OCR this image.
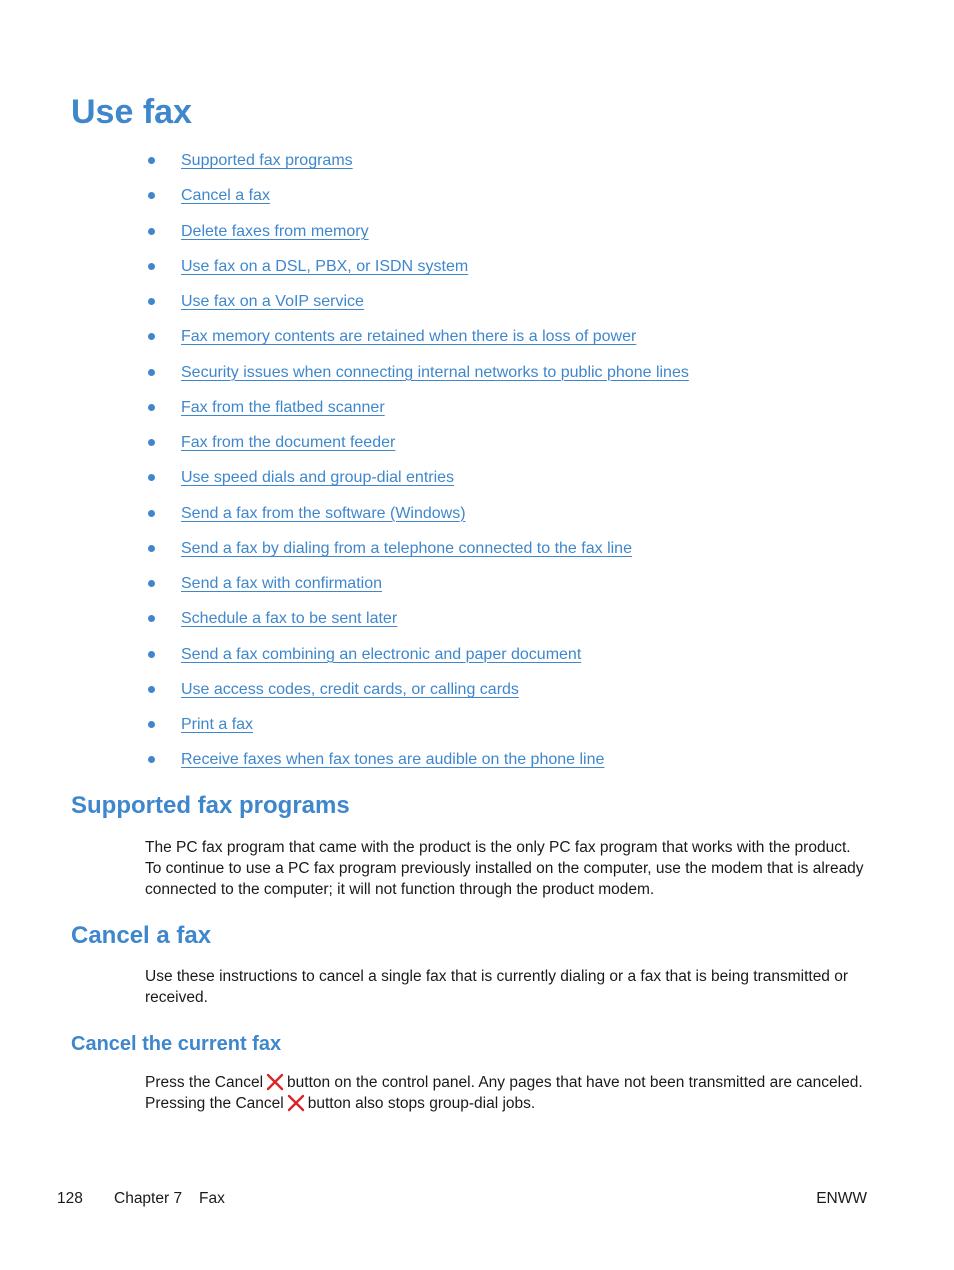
Use fax
Supported fax programs
Cancel a fax
Delete faxes from memory
Use fax on a DSL, PBX, or ISDN system
Use fax on a VoIP service
Fax memory contents are retained when there is a loss of power
Security issues when connecting internal networks to public phone lines
Fax from the flatbed scanner
Fax from the document feeder
Use speed dials and group-dial entries
Send a fax from the software (Windows)
Send a fax by dialing from a telephone connected to the fax line
Send a fax with confirmation
Schedule a fax to be sent later
Send a fax combining an electronic and paper document
Use access codes, credit cards, or calling cards
Print a fax
Receive faxes when fax tones are audible on the phone line
Supported fax programs

The PC fax program that came with the product is the only PC fax program that works with the product. To continue to use a PC fax program previously installed on the computer, use the modem that is already connected to the computer; it will not function through the product modem.

Cancel a fax

Use these instructions to cancel a single fax that is currently dialing or a fax that is being transmitted or received.

Cancel the current fax

Press the Cancel button on the control panel. Any pages that have not been transmitted are canceled. Pressing the Cancel button also stops group-dial jobs.

128 Chapter 7 Fax	ENWW
